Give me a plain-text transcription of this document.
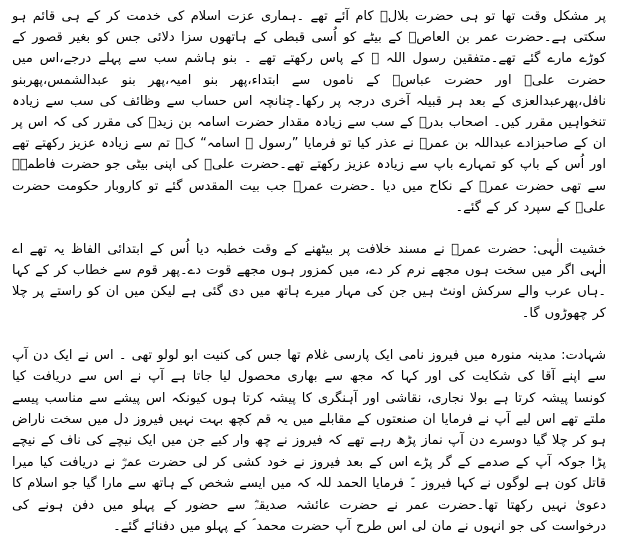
پر مشکل وقت تھا تو ہی حضرت بلالؓ کام آئے تھے ۔ہماری عزت اسلام کی خدمت کر کے ہی قائم ہو سکتی ہے۔حضرت عمر بن العاصؓ کے بیٹے کو اُسی قبطی کے ہاتھوں سزا دلائی جس کو بغیر قصور کے کوڑے مارے گئے تھے۔متفقین رسول اللہ ؐ کے پاس رکھتے تھے ۔ بنو ہاشم سب سے پہلے درجے،اس میں حضرت علیؓ اور حضرت عباسؓ کے ناموں سے ابتداء،پھر بنو امیہ،پھر بنو عبدالشمس،پھربنو نافل،پھرعبدالعزی کے بعد ہر قبیلہ آخری درجہ پر رکھا۔چنانچہ اس حساب سے وظائف کی سب سے زیادہ تنخواہیں مقرر کیں۔ اصحاب بدرؓ کے سب سے زیادہ مقدار حضرت اسامہ بن زیدؓ کی مقرر کی کہ اس پر ان کے صاحبزادے عبداللہ بن عمرؓ نے عذر کیا تو فرمایا ”رسول ؐ اسامہ“ کؓ تم سے زیادہ عزیز رکھتے تھے اور اُس کے باپ کو تمہارے باپ سے زیادہ عزیز رکھتے تھے۔حضرت علیؓ کی اپنی بیٹی جو حضرت فاطمہؓ سے تھی حضرت عمرؓ کے نکاح میں دیا ۔حضرت عمرؓ جب بیت المقدس گئے تو کاروبار حکومت حضرت علیؓ کے سپرد کر کے گئے۔

خشیت الٰہی: حضرت عمرؓ نے مسند خلافت پر بیٹھنے کے وقت خطبہ دیا اُس کے ابتدائی الفاظ یہ تھے اے الٰہی اگر میں سخت ہوں مجھے نرم کر دے، میں کمزور ہوں مجھے قوت دے۔پھر قوم سے خطاب کر کے کہا ۔ہاں عرب والے سرکش اونٹ ہیں جن کی مہار میرے ہاتھ میں دی گئی ہے لیکن میں ان کو راستے پر چلا کر چھوڑوں گا۔

شہادت: مدینہ منورہ میں فیروز نامی ایک پارسی غلام تھا جس کی کنیت ابو لولو تھی ۔ اس نے ایک دن آپ سے اپنے آقا کی شکایت کی اور کہا کہ مجھ سے بھاری محصول لیا جاتا ہے آپ نے اس سے دریافت کیا کونسا پیشہ کرتا ہے بولا نجاری، نقاشی اور آہنگری کا پیشہ کرتا ہوں کیونکہ اس پیشے سے مناسب پیسے ملتے تھے اس لیے آپ نے فرمایا ان صنعتوں کے مقابلے میں یہ قم کچھ بہت نہیں فیروز دل میں سخت ناراض ہو کر چلا گیا دوسرے دن آپ نماز پڑھ رہے تھے کہ فیروز نے چھ وار کیے جن میں ایک نیچے کی ناف کے نیچے پڑا جوکہ آپ کے صدمے کے گر پڑے اس کے بعد فیروز نے خود کشی کر لی حضرت عمرؓ نے دریافت کیا میرا قاتل کون ہے لوگوں نے کہا فیروز ۔ّ فرمایا الحمد للہ کہ میں ایسے شخص کے ہاتھ سے مارا گیا جو اسلام کا دعویٰ نہیں رکھتا تھا۔حضرت عمر نے حضرت عائشہ صدیقہؓ سے حضور کے پہلو میں دفن ہونے کی درخواست کی جو انہوں نے مان لی اس طرح آپ حضرت محمد ؐ کے پہلو میں دفنائے گئے۔
